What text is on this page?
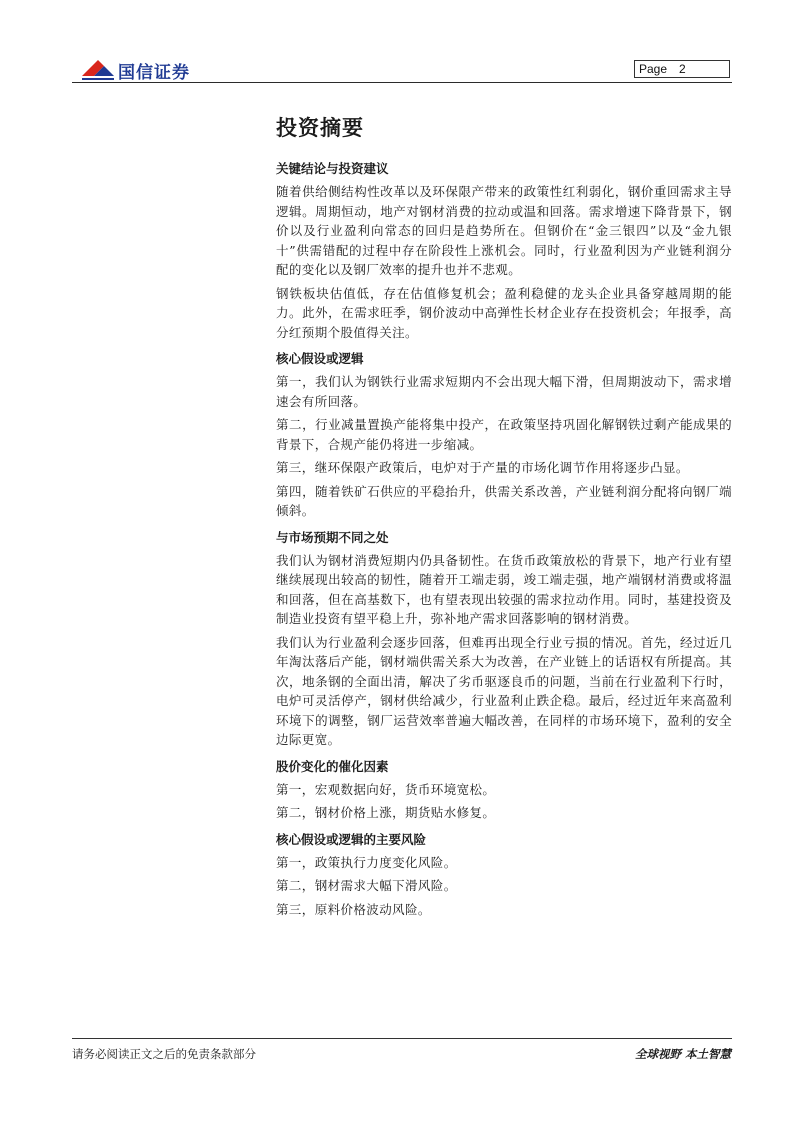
国信证券	Page 2
投资摘要
关键结论与投资建议

随着供给侧结构性改革以及环保限产带来的政策性红利弱化，钢价重回需求主导逻辑。周期恒动，地产对钢材消费的拉动或温和回落。需求增速下降背景下，钢价以及行业盈利向常态的回归是趋势所在。但钢价在“金三银四”以及“金九银十”供需错配的过程中存在阶段性上涨机会。同时，行业盈利因为产业链利润分配的变化以及钢厂效率的提升也并不悲观。

钢铁板块估值低，存在估值修复机会；盈利稳健的龙头企业具备穿越周期的能力。此外，在需求旺季，钢价波动中高弹性长材企业存在投资机会；年报季，高分红预期个股值得关注。

核心假设或逻辑

第一，我们认为钢铁行业需求短期内不会出现大幅下滑，但周期波动下，需求增速会有所回落。

第二，行业减量置换产能将集中投产，在政策坚持巩固化解钢铁过剩产能成果的背景下，合规产能仍将进一步缩减。

第三，继环保限产政策后，电炉对于产量的市场化调节作用将逐步凸显。

第四，随着铁矿石供应的平稳抬升，供需关系改善，产业链利润分配将向钢厂端倾斜。

与市场预期不同之处

我们认为钢材消费短期内仍具备韧性。在货币政策放松的背景下，地产行业有望继续展现出较高的韧性，随着开工端走弱，竣工端走强，地产端钢材消费或将温和回落，但在高基数下，也有望表现出较强的需求拉动作用。同时，基建投资及制造业投资有望平稳上升，弥补地产需求回落影响的钢材消费。

我们认为行业盈利会逐步回落，但难再出现全行业亏损的情况。首先，经过近几年淘汰落后产能，钢材端供需关系大为改善，在产业链上的话语权有所提高。其次，地条钢的全面出清，解决了劣币驱逐良币的问题，当前在行业盈利下行时，电炉可灵活停产，钢材供给减少，行业盈利止跌企稳。最后，经过近年来高盈利环境下的调整，钢厂运营效率普遍大幅改善，在同样的市场环境下，盈利的安全边际更宽。

股价变化的催化因素

第一，宏观数据向好，货币环境宽松。

第二，钢材价格上涨，期货贴水修复。

核心假设或逻辑的主要风险

第一，政策执行力度变化风险。

第二，钢材需求大幅下滑风险。

第三，原料价格波动风险。

请务必阅读正文之后的免责条款部分	全球视野 本土智慧
